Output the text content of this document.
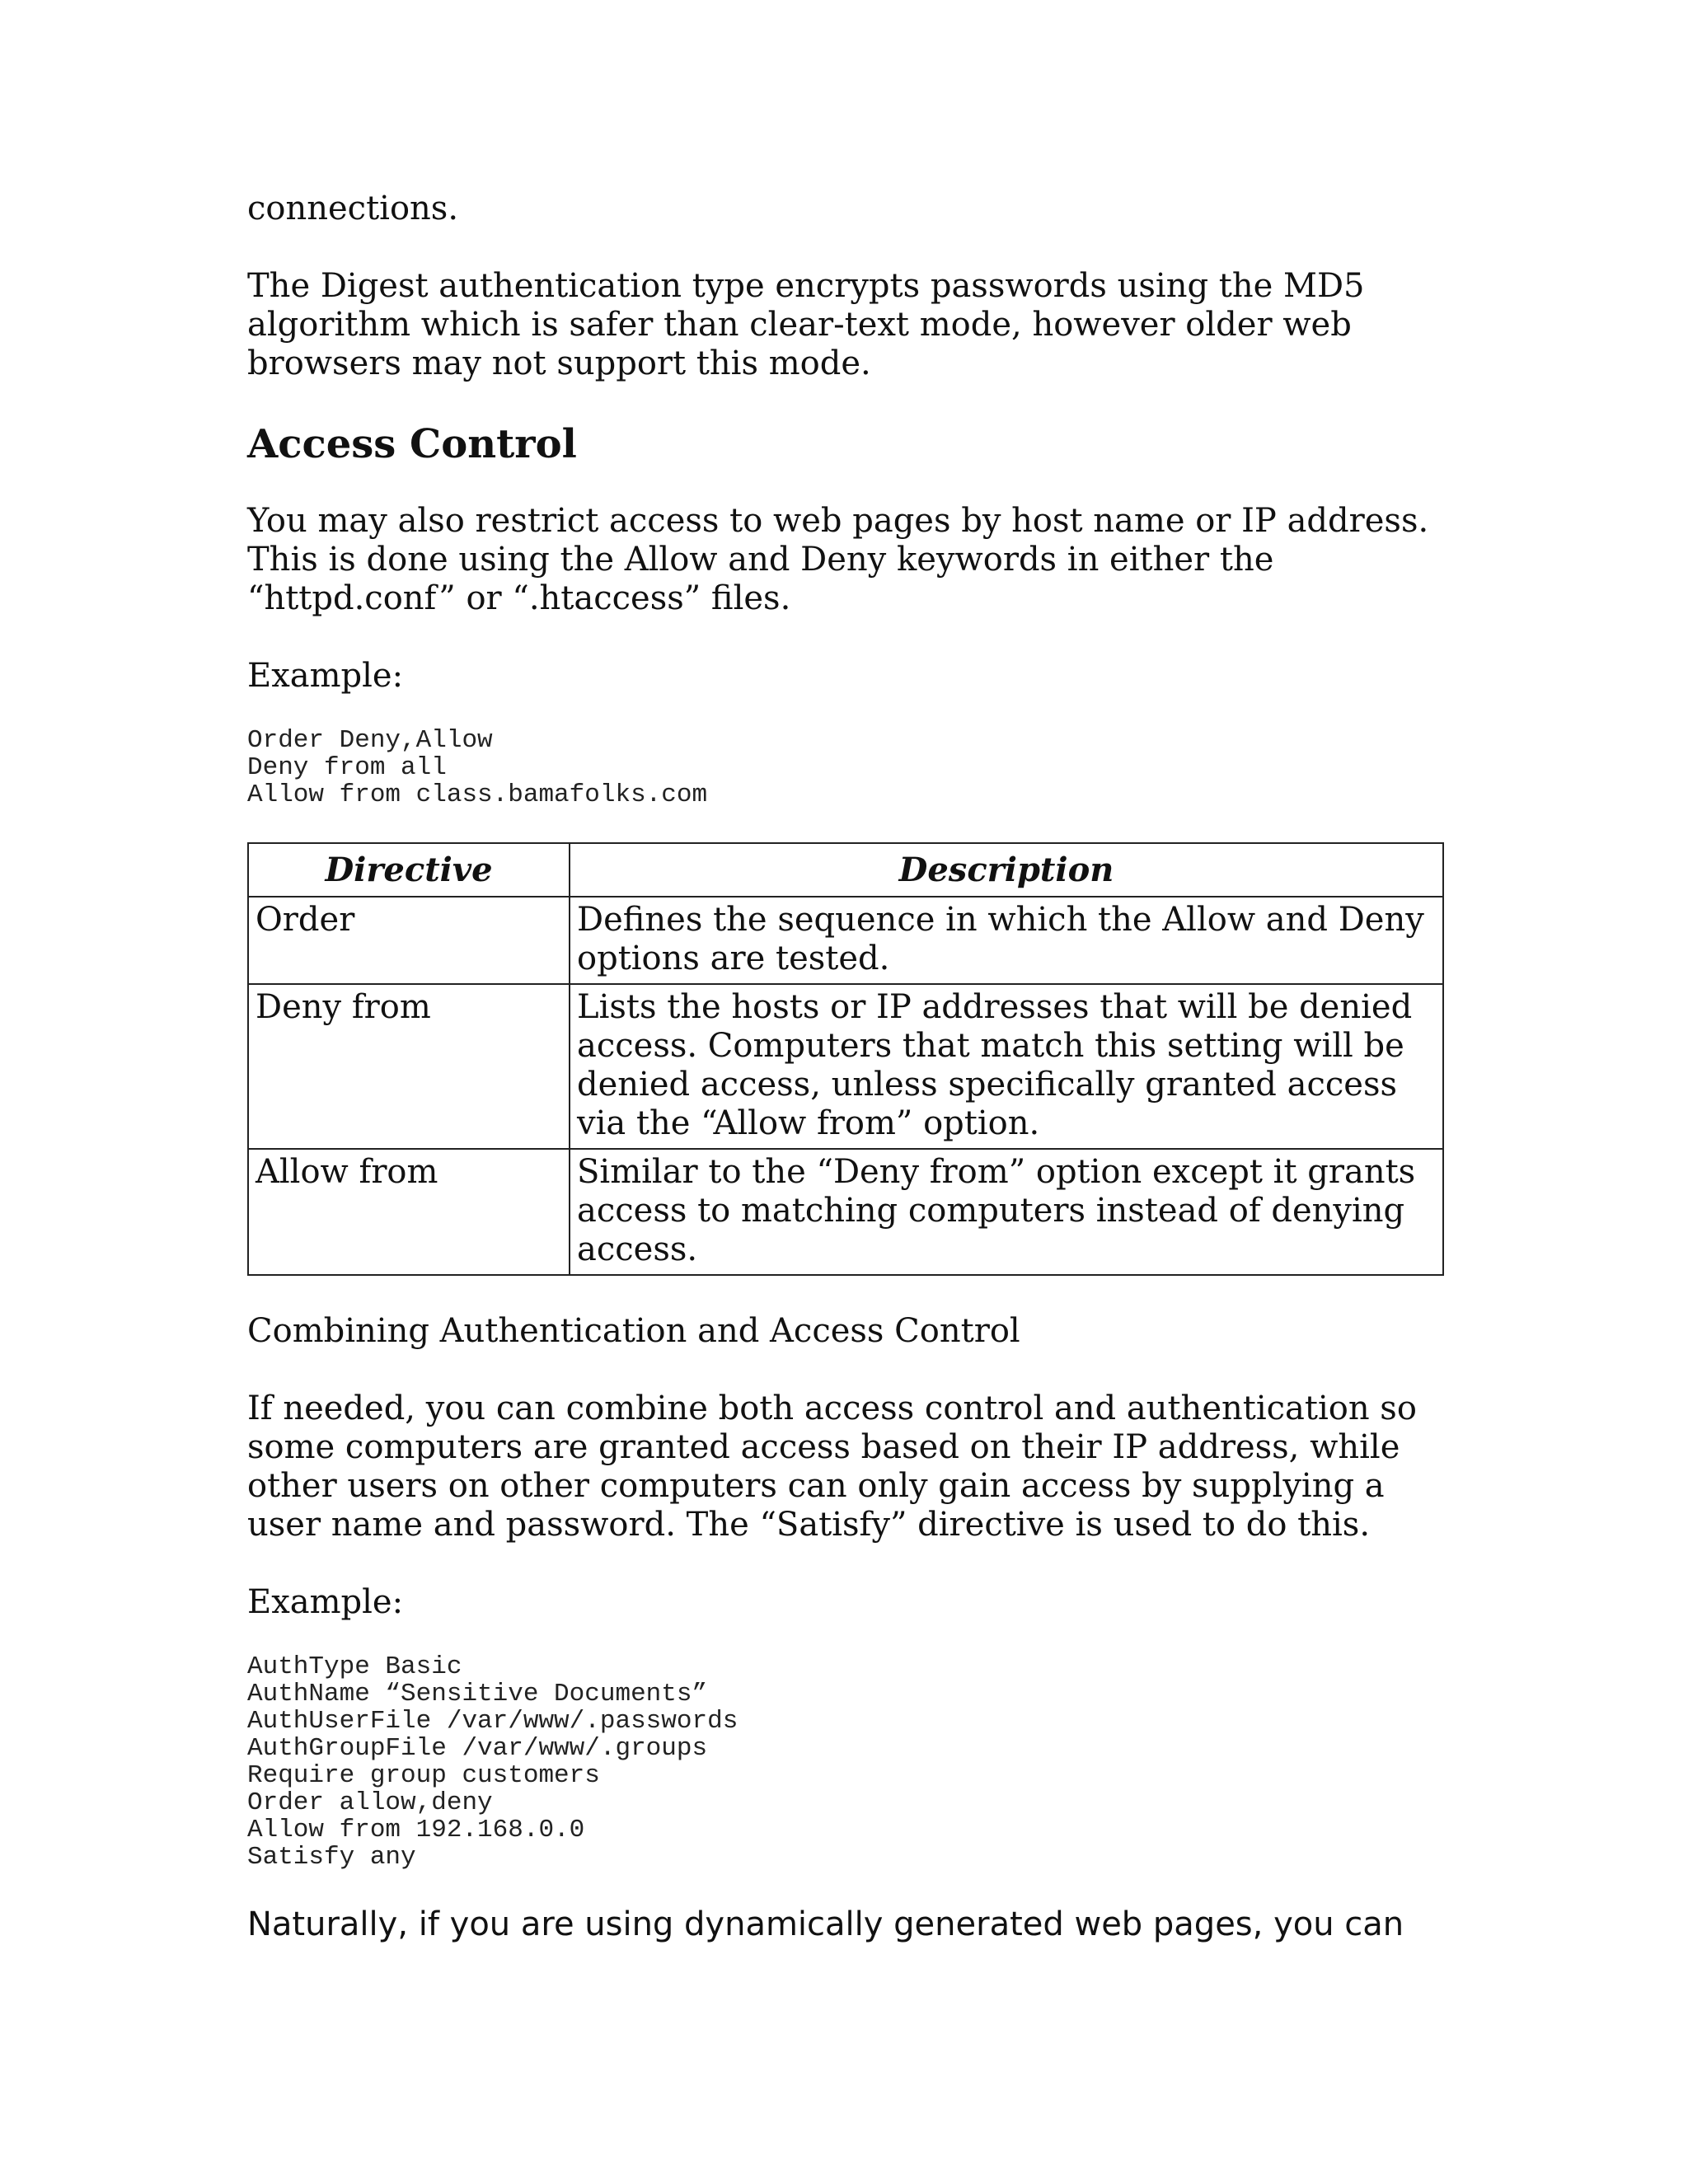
connections.

The Digest authentication type encrypts passwords using the MD5
algorithm which is safer than clear-text mode, however older web
browsers may not support this mode.

Access Control

You may also restrict access to web pages by host name or IP address.
This is done using the Allow and Deny keywords in either the
“httpd.conf” or “.htaccess” files.

Example:

Order Deny,Allow
Deny from all
Allow from class.bamafolks.com
Directive	Description
Order	Defines the sequence in which the Allow and Deny
options are tested.
Deny from	Lists the hosts or IP addresses that will be denied
access. Computers that match this setting will be
denied access, unless specifically granted access
via the “Allow from” option.
Allow from	Similar to the “Deny from” option except it grants
access to matching computers instead of denying
access.

Combining Authentication and Access Control

If needed, you can combine both access control and authentication so
some computers are granted access based on their IP address, while
other users on other computers can only gain access by supplying a
user name and password. The “Satisfy” directive is used to do this.

Example:

AuthType Basic
AuthName “Sensitive Documents”
AuthUserFile /var/www/.passwords
AuthGroupFile /var/www/.groups
Require group customers
Order allow,deny
Allow from 192.168.0.0
Satisfy any

Naturally, if you are using dynamically generated web pages, you can
